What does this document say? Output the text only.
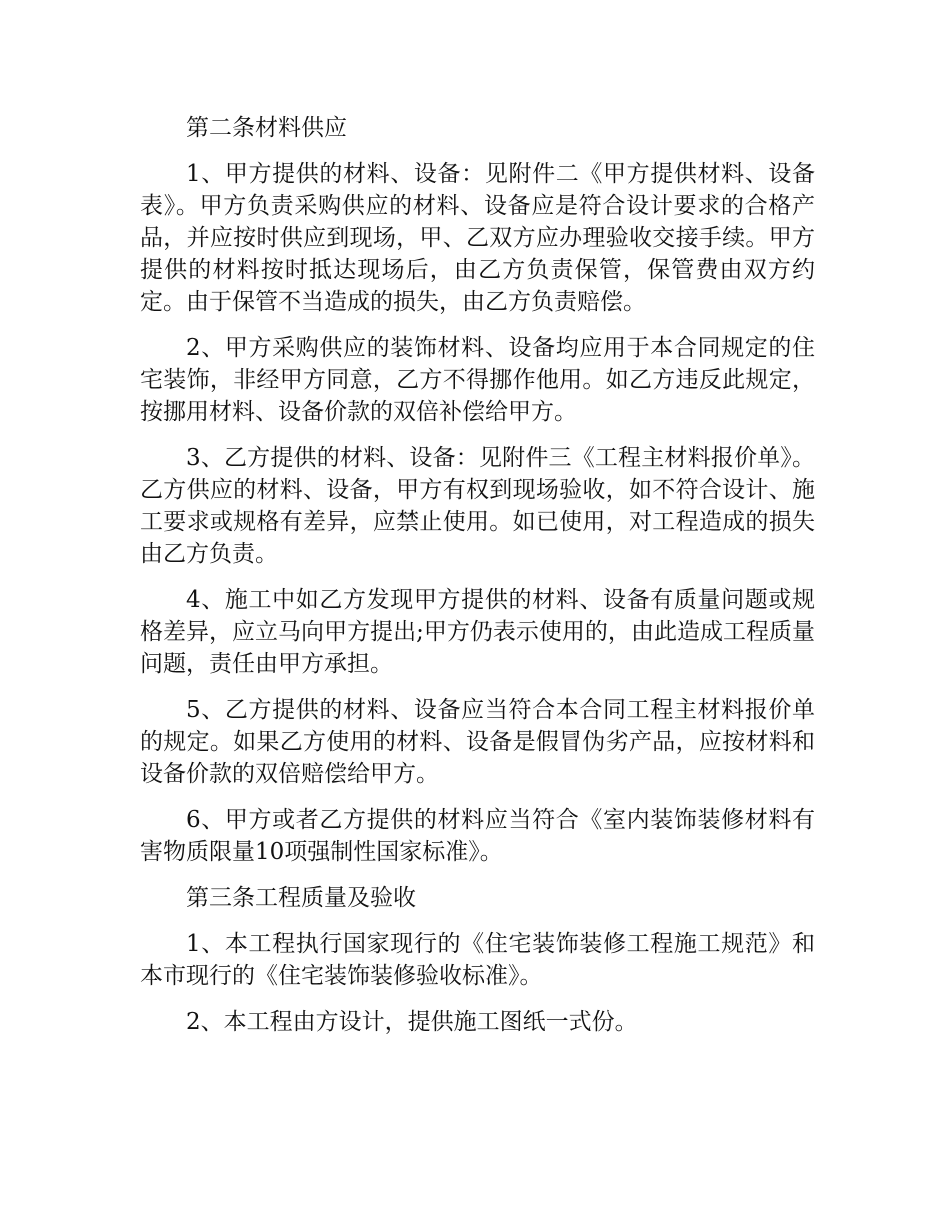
第二条材料供应

1、甲方提供的材料、设备：见附件二《甲方提供材料、设备表》。甲方负责采购供应的材料、设备应是符合设计要求的合格产品，并应按时供应到现场，甲、乙双方应办理验收交接手续。甲方提供的材料按时抵达现场后，由乙方负责保管，保管费由双方约定。由于保管不当造成的损失，由乙方负责赔偿。

2、甲方采购供应的装饰材料、设备均应用于本合同规定的住宅装饰，非经甲方同意，乙方不得挪作他用。如乙方违反此规定，按挪用材料、设备价款的双倍补偿给甲方。

3、乙方提供的材料、设备：见附件三《工程主材料报价单》。乙方供应的材料、设备，甲方有权到现场验收，如不符合设计、施工要求或规格有差异，应禁止使用。如已使用，对工程造成的损失由乙方负责。

4、施工中如乙方发现甲方提供的材料、设备有质量问题或规格差异，应立马向甲方提出;甲方仍表示使用的，由此造成工程质量问题，责任由甲方承担。

5、乙方提供的材料、设备应当符合本合同工程主材料报价单的规定。如果乙方使用的材料、设备是假冒伪劣产品，应按材料和设备价款的双倍赔偿给甲方。

6、甲方或者乙方提供的材料应当符合《室内装饰装修材料有害物质限量10项强制性国家标准》。

第三条工程质量及验收

1、本工程执行国家现行的《住宅装饰装修工程施工规范》和本市现行的《住宅装饰装修验收标准》。

2、本工程由方设计，提供施工图纸一式份。
